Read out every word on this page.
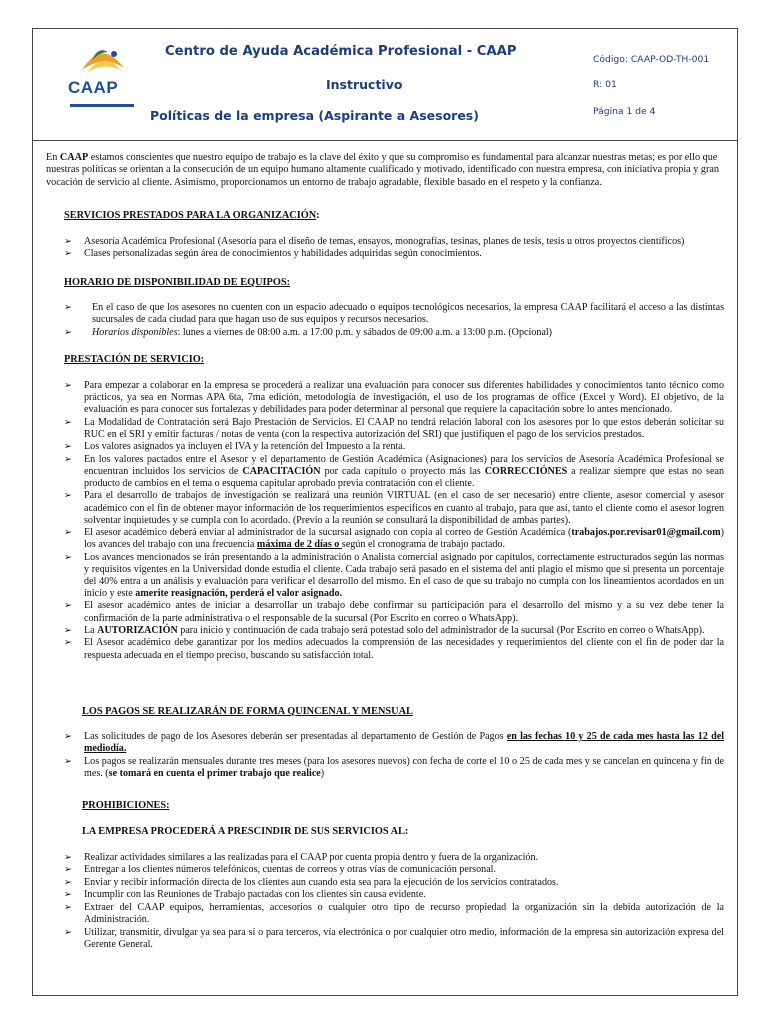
CAAP
Centro de Ayuda Académica Profesional - CAAP
Instructivo
Políticas de la empresa (Aspirante a Asesores)
Código: CAAP-OD-TH-001
R: 01
Página 1 de 4
En CAAP estamos conscientes que nuestro equipo de trabajo es la clave del éxito y que su compromiso es fundamental para alcanzar nuestras metas; es por ello que nuestras políticas se orientan a la consecución de un equipo humano altamente cualificado y motivado, identificado con nuestra empresa, con iniciativa propia y gran vocación de servicio al cliente. Asimismo, proporcionamos un entorno de trabajo agradable, flexible basado en el respeto y la confianza.
SERVICIOS PRESTADOS PARA LA ORGANIZACIÓN:
➢ Asesoría Académica Profesional (Asesoría para el diseño de temas, ensayos, monografías, tesinas, planes de tesis, tesis u otros proyectos científicos)
➢ Clases personalizadas según área de conocimientos y habilidades adquiridas según conocimientos.
HORARIO DE DISPONIBILIDAD DE EQUIPOS:
➢ En el caso de que los asesores no cuenten con un espacio adecuado o equipos tecnológicos necesarios, la empresa CAAP facilitará el acceso a las distintas sucursales de cada ciudad para que hagan uso de sus equipos y recursos necesarios.
➢ Horarios disponibles: lunes a viernes de 08:00 a.m. a 17:00 p.m. y sábados de 09:00 a.m. a 13:00 p.m. (Opcional)
PRESTACIÓN DE SERVICIO:
➢ Para empezar a colaborar en la empresa se procederá a realizar una evaluación para conocer sus diferentes habilidades y conocimientos tanto técnico como prácticos, ya sea en Normas APA 6ta, 7ma edición, metodología de investigación, el uso de los programas de office (Excel y Word). El objetivo, de la evaluación es para conocer sus fortalezas y debilidades para poder determinar al personal que requiere la capacitación sobre lo antes mencionado.
➢ La Modalidad de Contratación será Bajo Prestación de Servicios. El CAAP no tendrá relación laboral con los asesores por lo que estos deberán solicitar su RUC en el SRI y emitir facturas / notas de venta (con la respectiva autorización del SRI) que justifiquen el pago de los servicios prestados.
➢ Los valores asignados ya incluyen el IVA y la retención del Impuesto a la renta.
➢ En los valores pactados entre el Asesor y el departamento de Gestión Académica (Asignaciones) para los servicios de Asesoría Académica Profesional se encuentran incluidos los servicios de CAPACITACIÓN por cada capítulo o proyecto más las CORRECCIÓNES a realizar siempre que estas no sean producto de cambios en el tema o esquema capitular aprobado previa contratación con el cliente.
➢ Para el desarrollo de trabajos de investigación se realizará una reunión VIRTUAL (en el caso de ser necesario) entre cliente, asesor comercial y asesor académico con el fin de obtener mayor información de los requerimientos específicos en cuanto al trabajo, para que así, tanto el cliente como el asesor logren solventar inquietudes y se cumpla con lo acordado. (Previo a la reunión se consultará la disponibilidad de ambas partes).
➢ El asesor académico deberá enviar al administrador de la sucursal asignado con copia al correo de Gestión Académica (trabajos.por.revisar01@gmail.com) los avances del trabajo con una frecuencia máxima de 2 días o según el cronograma de trabajo pactado.
➢ Los avances mencionados se irán presentando a la administración o Analista comercial asignado por capítulos, correctamente estructurados según las normas y requisitos vigentes en la Universidad donde estudia el cliente. Cada trabajo será pasado en el sistema del anti plagio el mismo que si presenta un porcentaje del 40% entra a un análisis y evaluación para verificar el desarrollo del mismo. En el caso de que su trabajo no cumpla con los lineamientos acordados en un inicio y este amerite reasignación, perderá el valor asignado.
➢ El asesor académico antes de iniciar a desarrollar un trabajo debe confirmar su participación para el desarrollo del mismo y a su vez debe tener la confirmación de la parte administrativa o el responsable de la sucursal (Por Escrito en correo o WhatsApp).
➢ La AUTORIZACIÓN para inicio y continuación de cada trabajo será potestad solo del administrador de la sucursal (Por Escrito en correo o WhatsApp).
➢ El Asesor académico debe garantizar por los medios adecuados la comprensión de las necesidades y requerimientos del cliente con el fin de poder dar la respuesta adecuada en el tiempo preciso, buscando su satisfacción total.
LOS PAGOS SE REALIZARÁN DE FORMA QUINCENAL Y MENSUAL
➢ Las solicitudes de pago de los Asesores deberán ser presentadas al departamento de Gestión de Pagos en las fechas 10 y 25 de cada mes hasta las 12 del mediodía.
➢ Los pagos se realizarán mensuales durante tres meses (para los asesores nuevos) con fecha de corte el 10 o 25 de cada mes y se cancelan en quincena y fin de mes. (se tomará en cuenta el primer trabajo que realice)
PROHIBICIONES:
LA EMPRESA PROCEDERÁ A PRESCINDIR DE SUS SERVICIOS AL:
➢ Realizar actividades similares a las realizadas para el CAAP por cuenta propia dentro y fuera de la organización.
➢ Entregar a los clientes números telefónicos, cuentas de correos y otras vías de comunicación personal.
➢ Enviar y recibir información directa de los clientes aun cuando esta sea para la ejecución de los servicios contratados.
➢ Incumplir con las Reuniones de Trabajo pactadas con los clientes sin causa evidente.
➢ Extraer del CAAP equipos, herramientas, accesorios o cualquier otro tipo de recurso propiedad la organización sin la debida autorización de la Administración.
➢ Utilizar, transmitir, divulgar ya sea para sí o para terceros, vía electrónica o por cualquier otro medio, información de la empresa sin autorización expresa del Gerente General.
